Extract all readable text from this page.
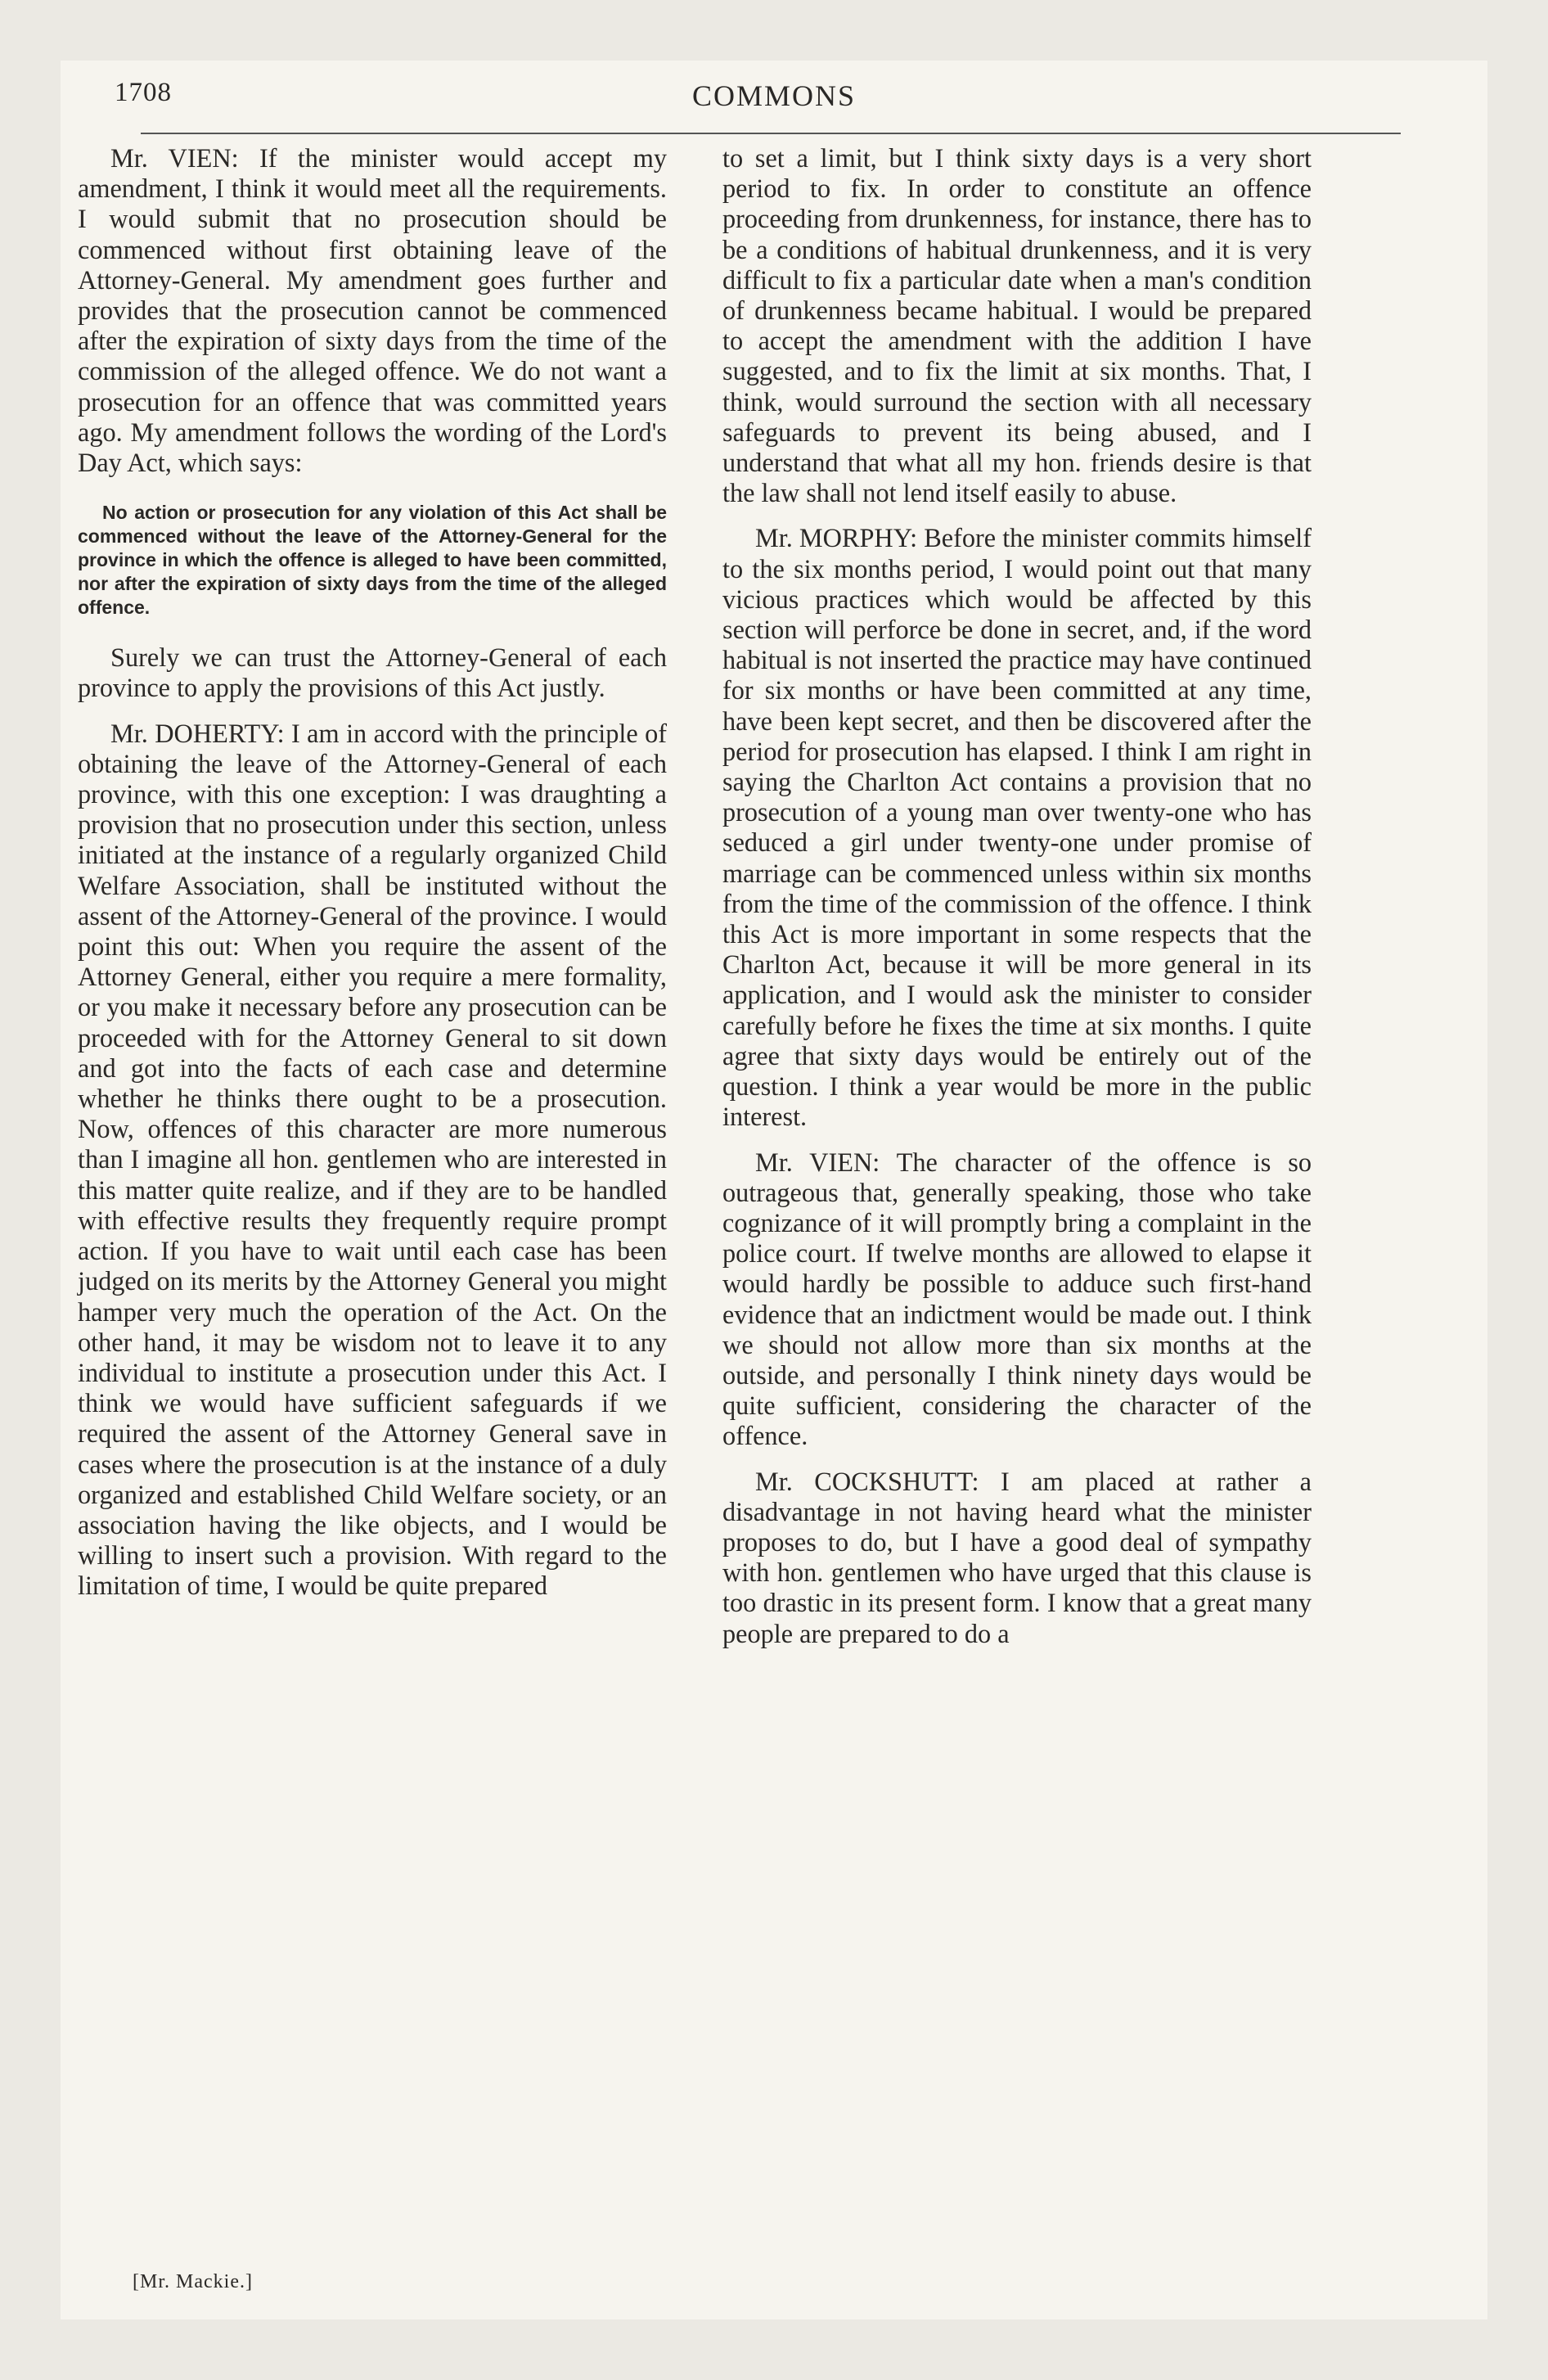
1708	COMMONS

Mr. VIEN: If the minister would accept my amendment, I think it would meet all the requirements. I would submit that no prosecution should be commenced without first obtaining leave of the Attorney-General. My amendment goes further and provides that the prosecution cannot be commenced after the expiration of sixty days from the time of the commission of the alleged offence. We do not want a prosecution for an offence that was committed years ago. My amendment follows the wording of the Lord's Day Act, which says:

No action or prosecution for any violation of this Act shall be commenced without the leave of the Attorney-General for the province in which the offence is alleged to have been committed, nor after the expiration of sixty days from the time of the alleged offence.

Surely we can trust the Attorney-General of each province to apply the provisions of this Act justly.

Mr. DOHERTY: I am in accord with the principle of obtaining the leave of the Attorney-General of each province, with this one exception: I was draughting a provision that no prosecution under this section, unless initiated at the instance of a regularly organized Child Welfare Association, shall be instituted without the assent of the Attorney-General of the province. I would point this out: When you require the assent of the Attorney General, either you require a mere formality, or you make it necessary before any prosecution can be proceeded with for the Attorney General to sit down and got into the facts of each case and determine whether he thinks there ought to be a prosecution. Now, offences of this character are more numerous than I imagine all hon. gentlemen who are interested in this matter quite realize, and if they are to be handled with effective results they frequently require prompt action. If you have to wait until each case has been judged on its merits by the Attorney General you might hamper very much the operation of the Act. On the other hand, it may be wisdom not to leave it to any individual to institute a prosecution under this Act. I think we would have sufficient safeguards if we required the assent of the Attorney General save in cases where the prosecution is at the instance of a duly organized and established Child Welfare society, or an association having the like objects, and I would be willing to insert such a provision. With regard to the limitation of time, I would be quite prepared

to set a limit, but I think sixty days is a very short period to fix. In order to constitute an offence proceeding from drunkenness, for instance, there has to be a conditions of habitual drunkenness, and it is very difficult to fix a particular date when a man's condition of drunkenness became habitual. I would be prepared to accept the amendment with the addition I have suggested, and to fix the limit at six months. That, I think, would surround the section with all necessary safeguards to prevent its being abused, and I understand that what all my hon. friends desire is that the law shall not lend itself easily to abuse.

Mr. MORPHY: Before the minister commits himself to the six months period, I would point out that many vicious practices which would be affected by this section will perforce be done in secret, and, if the word habitual is not inserted the practice may have continued for six months or have been committed at any time, have been kept secret, and then be discovered after the period for prosecution has elapsed. I think I am right in saying the Charlton Act contains a provision that no prosecution of a young man over twenty-one who has seduced a girl under twenty-one under promise of marriage can be commenced unless within six months from the time of the commission of the offence. I think this Act is more important in some respects that the Charlton Act, because it will be more general in its application, and I would ask the minister to consider carefully before he fixes the time at six months. I quite agree that sixty days would be entirely out of the question. I think a year would be more in the public interest.

Mr. VIEN: The character of the offence is so outrageous that, generally speaking, those who take cognizance of it will promptly bring a complaint in the police court. If twelve months are allowed to elapse it would hardly be possible to adduce such first-hand evidence that an indictment would be made out. I think we should not allow more than six months at the outside, and personally I think ninety days would be quite sufficient, considering the character of the offence.

Mr. COCKSHUTT: I am placed at rather a disadvantage in not having heard what the minister proposes to do, but I have a good deal of sympathy with hon. gentlemen who have urged that this clause is too drastic in its present form. I know that a great many people are prepared to do a

[Mr. Mackie.]
